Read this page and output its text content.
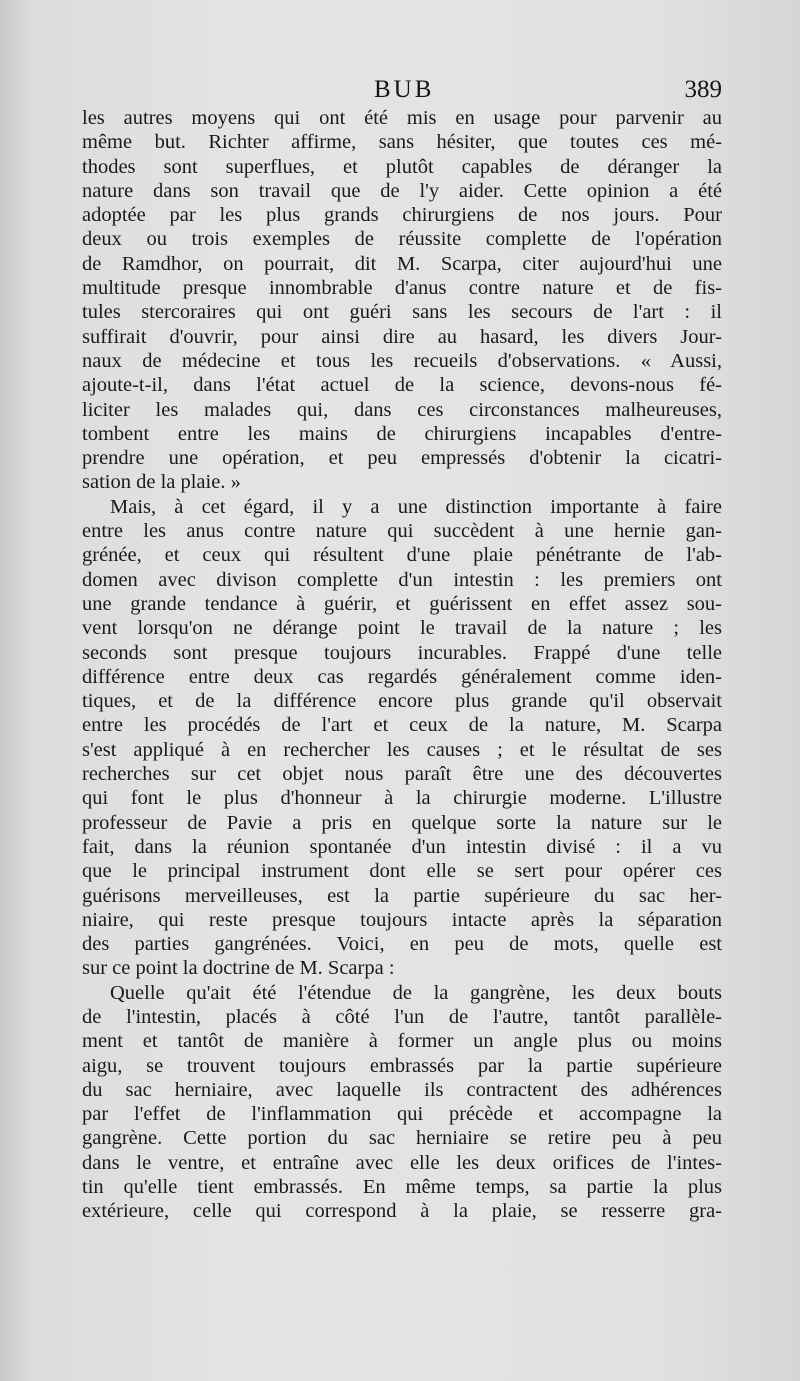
BUB	389
les autres moyens qui ont été mis en usage pour parvenir au
même but. Richter affirme, sans hésiter, que toutes ces mé-
thodes sont superflues, et plutôt capables de déranger la
nature dans son travail que de l'y aider. Cette opinion a été
adoptée par les plus grands chirurgiens de nos jours. Pour
deux ou trois exemples de réussite complette de l'opération
de Ramdhor, on pourrait, dit M. Scarpa, citer aujourd'hui une
multitude presque innombrable d'anus contre nature et de fis-
tules stercoraires qui ont guéri sans les secours de l'art : il
suffirait d'ouvrir, pour ainsi dire au hasard, les divers Jour-
naux de médecine et tous les recueils d'observations. « Aussi,
ajoute-t-il, dans l'état actuel de la science, devons-nous fé-
liciter les malades qui, dans ces circonstances malheureuses,
tombent entre les mains de chirurgiens incapables d'entre-
prendre une opération, et peu empressés d'obtenir la cicatri-
sation de la plaie. »
Mais, à cet égard, il y a une distinction importante à faire
entre les anus contre nature qui succèdent à une hernie gan-
grénée, et ceux qui résultent d'une plaie pénétrante de l'ab-
domen avec divison complette d'un intestin : les premiers ont
une grande tendance à guérir, et guérissent en effet assez sou-
vent lorsqu'on ne dérange point le travail de la nature ; les
seconds sont presque toujours incurables. Frappé d'une telle
différence entre deux cas regardés généralement comme iden-
tiques, et de la différence encore plus grande qu'il observait
entre les procédés de l'art et ceux de la nature, M. Scarpa
s'est appliqué à en rechercher les causes ; et le résultat de ses
recherches sur cet objet nous paraît être une des découvertes
qui font le plus d'honneur à la chirurgie moderne. L'illustre
professeur de Pavie a pris en quelque sorte la nature sur le
fait, dans la réunion spontanée d'un intestin divisé : il a vu
que le principal instrument dont elle se sert pour opérer ces
guérisons merveilleuses, est la partie supérieure du sac her-
niaire, qui reste presque toujours intacte après la séparation
des parties gangrénées. Voici, en peu de mots, quelle est
sur ce point la doctrine de M. Scarpa :
Quelle qu'ait été l'étendue de la gangrène, les deux bouts
de l'intestin, placés à côté l'un de l'autre, tantôt parallèle-
ment et tantôt de manière à former un angle plus ou moins
aigu, se trouvent toujours embrassés par la partie supérieure
du sac herniaire, avec laquelle ils contractent des adhérences
par l'effet de l'inflammation qui précède et accompagne la
gangrène. Cette portion du sac herniaire se retire peu à peu
dans le ventre, et entraîne avec elle les deux orifices de l'intes-
tin qu'elle tient embrassés. En même temps, sa partie la plus
extérieure, celle qui correspond à la plaie, se resserre gra-
